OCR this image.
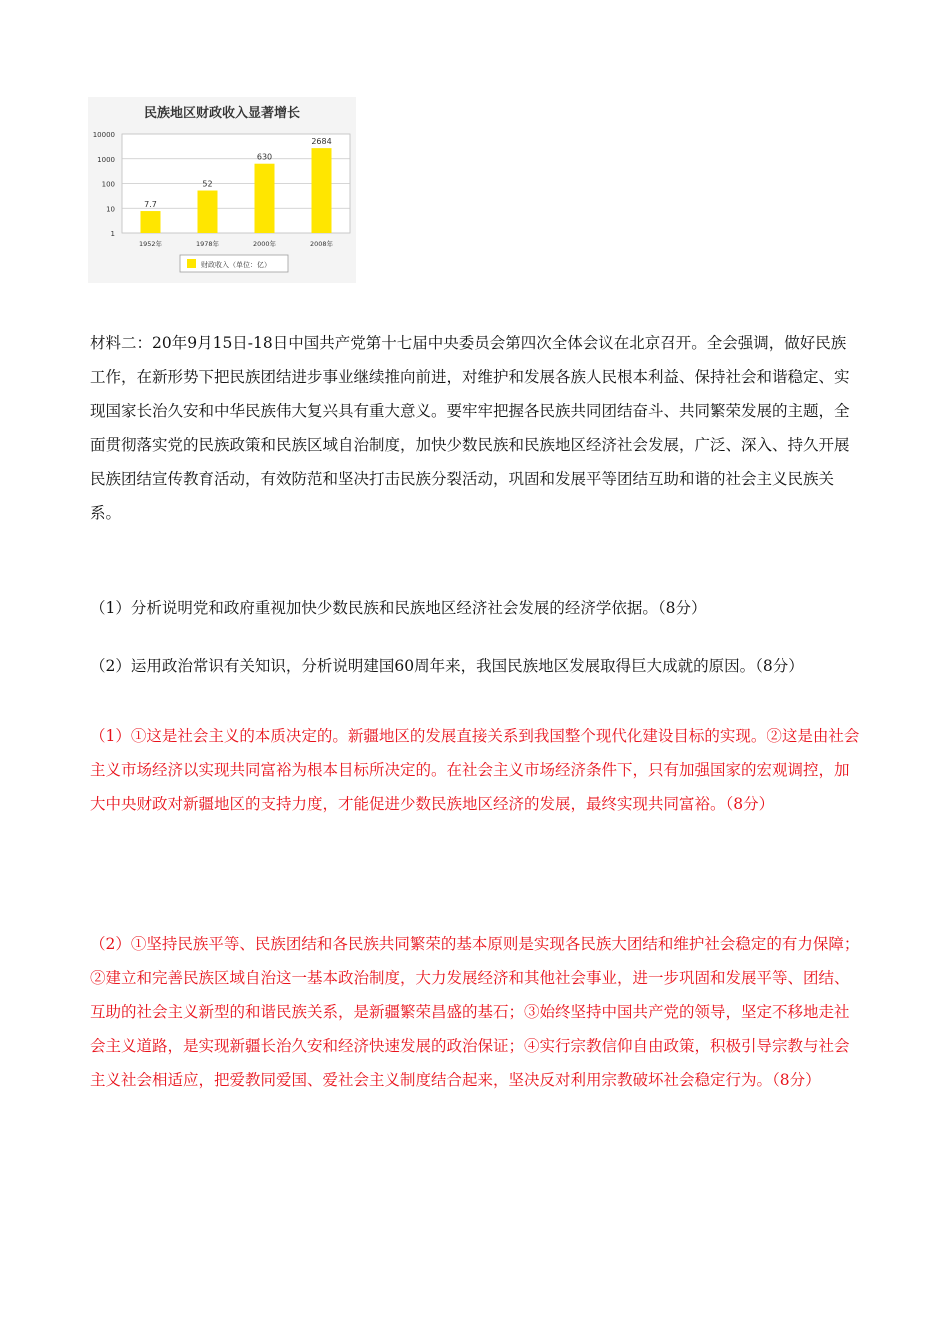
民族地区财政收入显著增长
10000
1000
100
10
1
7.7
1952年
52
1978年
630
2000年
2684
2008年
财政收入（单位：亿）

材料二：20年9月15日-18日中国共产党第十七届中央委员会第四次全体会议在北京召开。全会强调，做好民族工作，在新形势下把民族团结进步事业继续推向前进，对维护和发展各族人民根本利益、保持社会和谐稳定、实现国家长治久安和中华民族伟大复兴具有重大意义。要牢牢把握各民族共同团结奋斗、共同繁荣发展的主题，全面贯彻落实党的民族政策和民族区域自治制度，加快少数民族和民族地区经济社会发展，广泛、深入、持久开展民族团结宣传教育活动，有效防范和坚决打击民族分裂活动，巩固和发展平等团结互助和谐的社会主义民族关系。

（1）分析说明党和政府重视加快少数民族和民族地区经济社会发展的经济学依据。（8分）

（2）运用政治常识有关知识，分析说明建国60周年来，我国民族地区发展取得巨大成就的原因。（8分）

（1）①这是社会主义的本质决定的。新疆地区的发展直接关系到我国整个现代化建设目标的实现。②这是由社会主义市场经济以实现共同富裕为根本目标所决定的。在社会主义市场经济条件下，只有加强国家的宏观调控，加大中央财政对新疆地区的支持力度，才能促进少数民族地区经济的发展，最终实现共同富裕。（8分）

（2）①坚持民族平等、民族团结和各民族共同繁荣的基本原则是实现各民族大团结和维护社会稳定的有力保障；②建立和完善民族区域自治这一基本政治制度，大力发展经济和其他社会事业，进一步巩固和发展平等、团结、互助的社会主义新型的和谐民族关系，是新疆繁荣昌盛的基石；③始终坚持中国共产党的领导，坚定不移地走社会主义道路，是实现新疆长治久安和经济快速发展的政治保证；④实行宗教信仰自由政策，积极引导宗教与社会主义社会相适应，把爱教同爱国、爱社会主义制度结合起来，坚决反对利用宗教破坏社会稳定行为。（8分）
